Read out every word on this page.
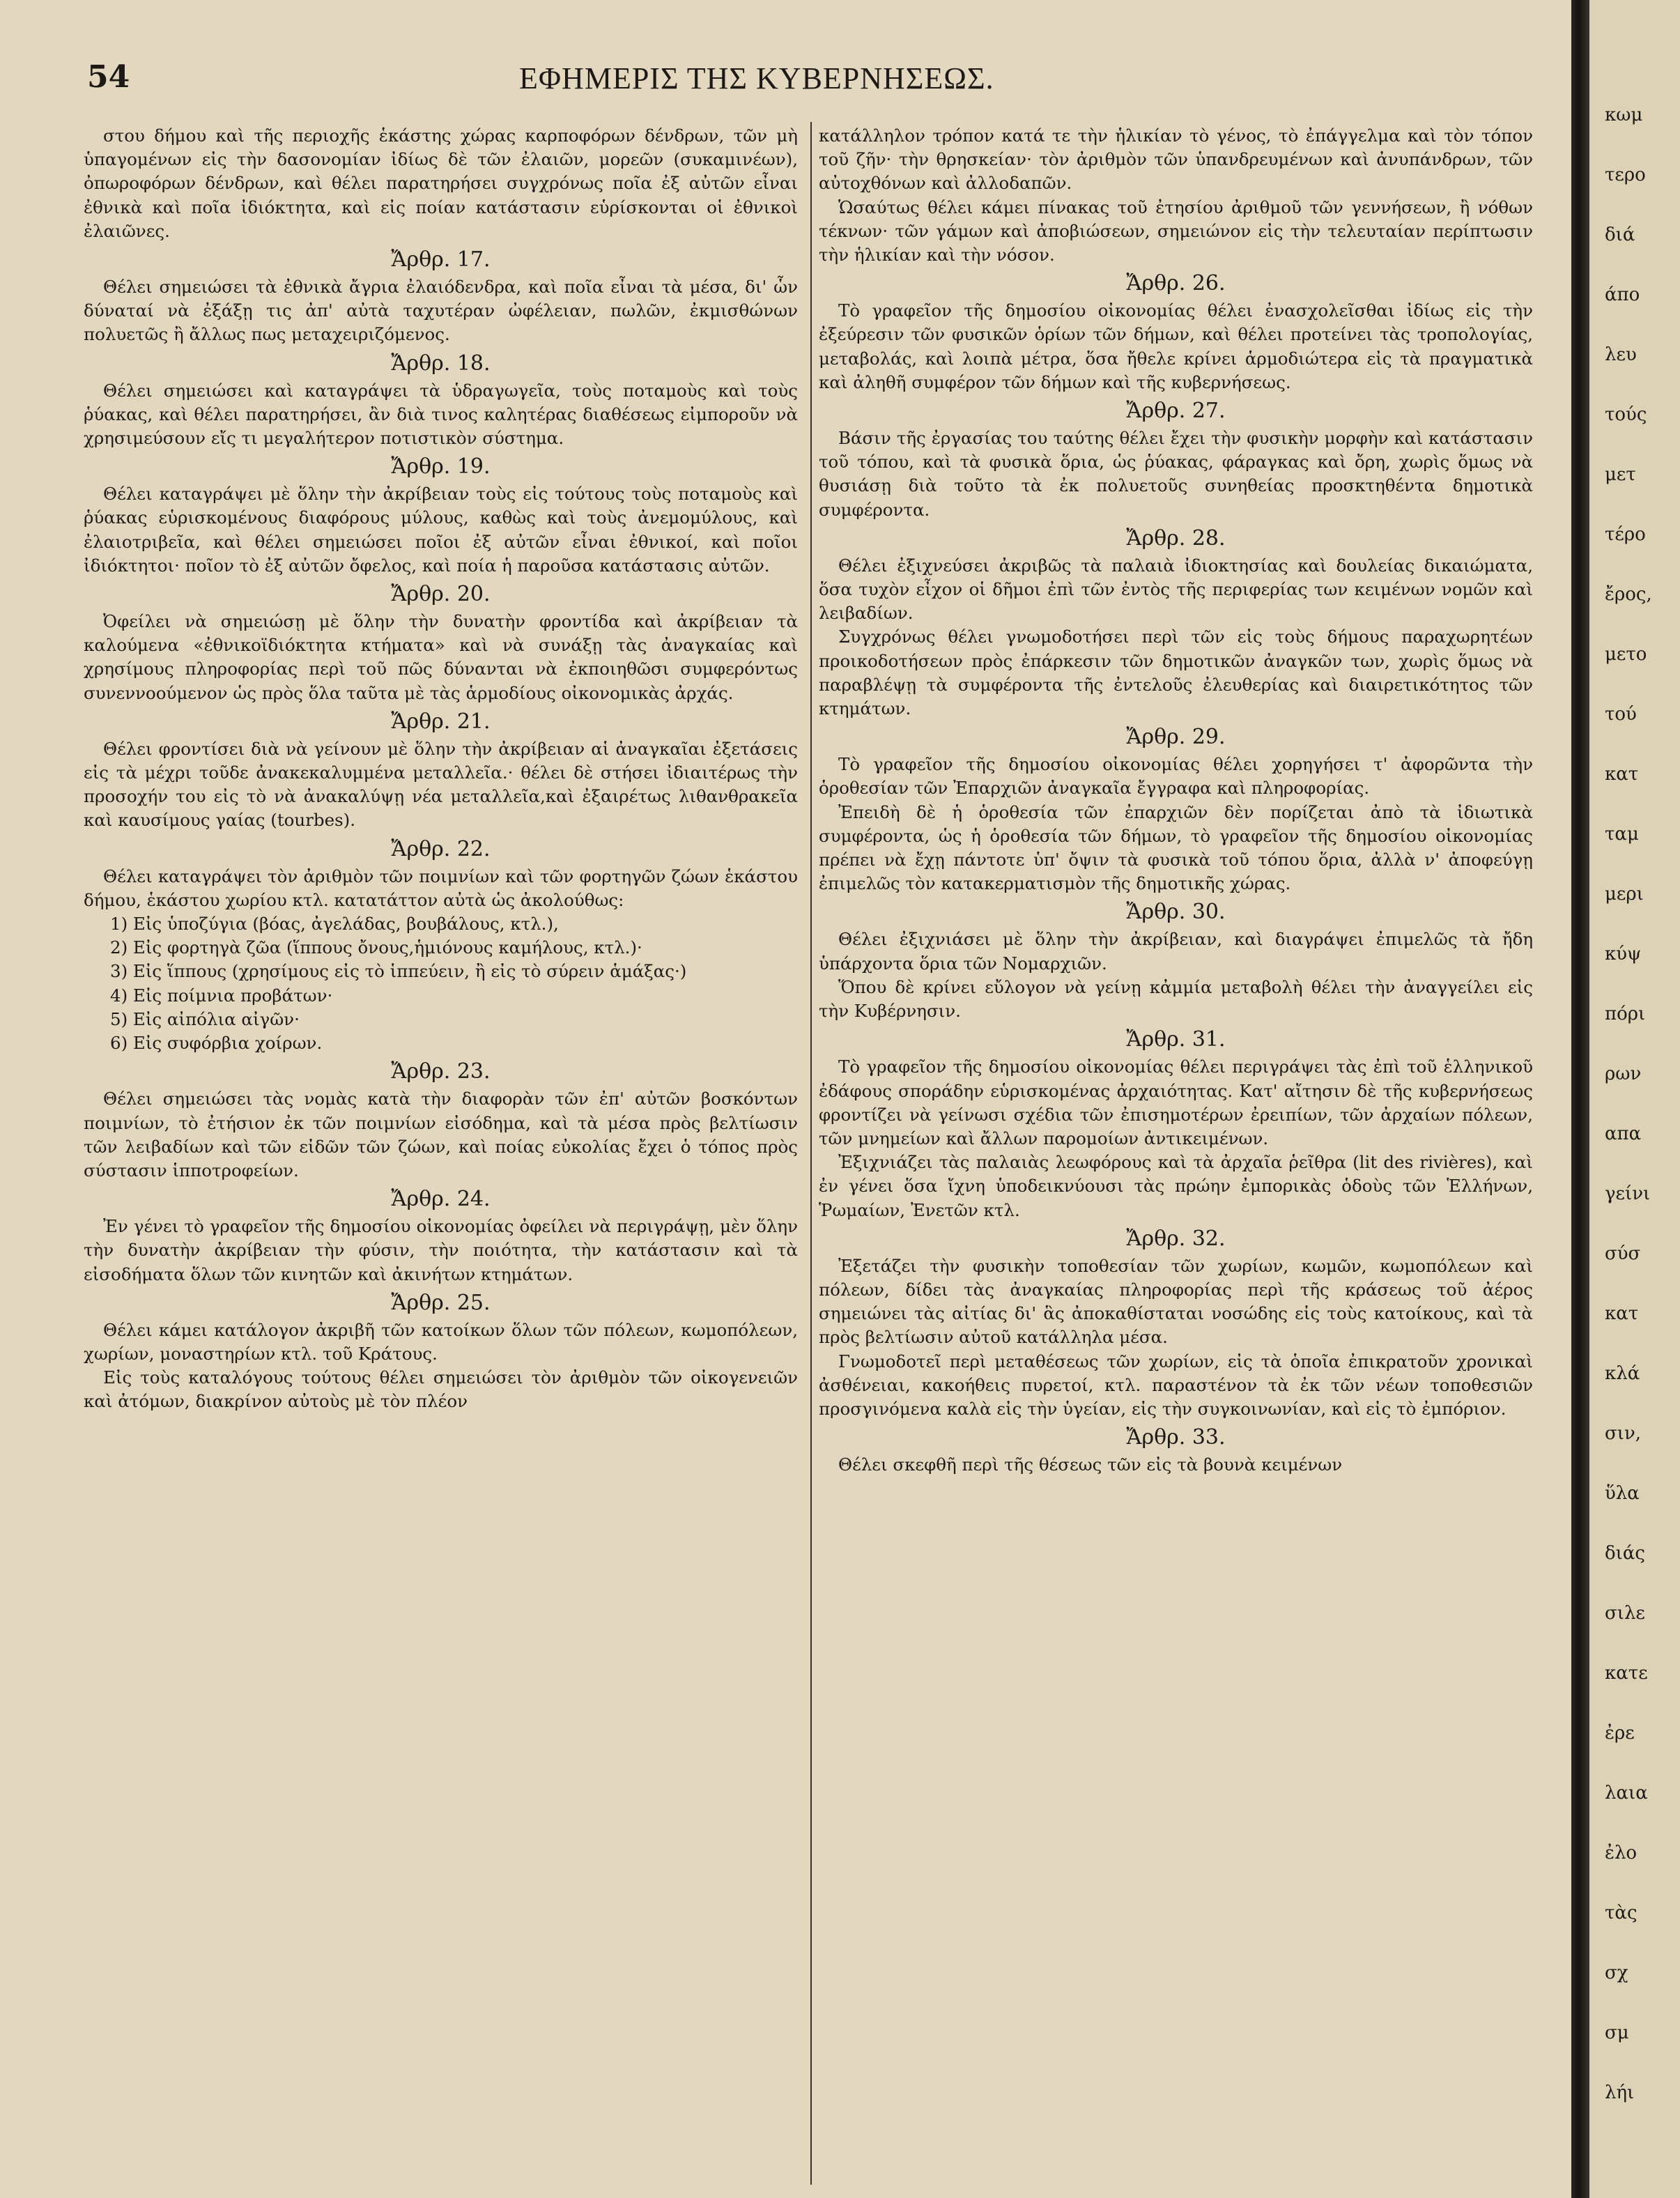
54	ΕΦΗΜΕΡΙΣ ΤΗΣ ΚΥΒΕΡΝΗΣΕΩΣ.

στου δήμου καὶ τῆς περιοχῆς ἑκάστης χώρας καρποφόρων δένδρων, τῶν μὴ ὑπαγομένων εἰς τὴν δασονομίαν ἰδίως δὲ τῶν ἐλαιῶν, μορεῶν (συκαμινέων), ὀπωροφόρων δένδρων, καὶ θέλει παρατηρήσει συγχρόνως ποῖα ἐξ αὐτῶν εἶναι ἐθνικὰ καὶ ποῖα ἰδιόκτητα, καὶ εἰς ποίαν κατάστασιν εὑρίσκονται οἱ ἐθνικοὶ ἐλαιῶνες.

Ἄρθρ. 17.

Θέλει σημειώσει τὰ ἐθνικὰ ἄγρια ἐλαιόδενδρα, καὶ ποῖα εἶναι τὰ μέσα, δι' ὧν δύναταί νὰ ἐξάξῃ τις ἀπ' αὐτὰ ταχυτέραν ὠφέλειαν, πωλῶν, ἐκμισθώνων πολυετῶς ἢ ἄλλως πως μεταχειριζόμενος.

Ἄρθρ. 18.

Θέλει σημειώσει καὶ καταγράψει τὰ ὑδραγωγεῖα, τοὺς ποταμοὺς καὶ τοὺς ῥύακας, καὶ θέλει παρατηρήσει, ἂν διὰ τινος καλητέρας διαθέσεως εἰμποροῦν νὰ χρησιμεύσουν εἴς τι μεγαλήτερον ποτιστικὸν σύστημα.

Ἄρθρ. 19.

Θέλει καταγράψει μὲ ὅλην τὴν ἀκρίβειαν τοὺς εἰς τούτους τοὺς ποταμοὺς καὶ ῥύακας εὑρισκομένους διαφόρους μύλους, καθὼς καὶ τοὺς ἀνεμομύλους, καὶ ἐλαιοτριβεῖα, καὶ θέλει σημειώσει ποῖοι ἐξ αὐτῶν εἶναι ἐθνικοί, καὶ ποῖοι ἰδιόκτητοι· ποῖον τὸ ἐξ αὐτῶν ὄφελος, καὶ ποία ἡ παροῦσα κατάστασις αὐτῶν.

Ἄρθρ. 20.

Ὀφείλει νὰ σημειώσῃ μὲ ὅλην τὴν δυνατὴν φροντίδα καὶ ἀκρίβειαν τὰ καλούμενα «ἐθνικοϊδιόκτητα κτήματα» καὶ νὰ συνάξῃ τὰς ἀναγκαίας καὶ χρησίμους πληροφορίας περὶ τοῦ πῶς δύνανται νὰ ἐκποιηθῶσι συμφερόντως συνεννοούμενον ὡς πρὸς ὅλα ταῦτα μὲ τὰς ἁρμοδίους οἰκονομικὰς ἀρχάς.

Ἄρθρ. 21.

Θέλει φροντίσει διὰ νὰ γείνουν μὲ ὅλην τὴν ἀκρίβειαν αἱ ἀναγκαῖαι ἐξετάσεις εἰς τὰ μέχρι τοῦδε ἀνακεκαλυμμένα μεταλλεῖα.· θέλει δὲ στήσει ἰδιαιτέρως τὴν προσοχήν του εἰς τὸ νὰ ἀνακαλύψῃ νέα μεταλλεῖα,καὶ ἐξαιρέτως λιθανθρακεῖα καὶ καυσίμους γαίας (tourbes).

Ἄρθρ. 22.

Θέλει καταγράψει τὸν ἀριθμὸν τῶν ποιμνίων καὶ τῶν φορτηγῶν ζώων ἑκάστου δήμου, ἑκάστου χωρίου κτλ. κατατάττον αὐτὰ ὡς ἀκολούθως:

1) Εἰς ὑποζύγια (βόας, ἀγελάδας, βουβάλους, κτλ.),

2) Εἰς φορτηγὰ ζῶα (ἵππους ὄνους,ἡμιόνους καμήλους, κτλ.)·

3) Εἰς ἵππους (χρησίμους εἰς τὸ ἱππεύειν, ἢ εἰς τὸ σύρειν ἁμάξας·)

4) Εἰς ποίμνια προβάτων·

5) Εἰς αἰπόλια αἰγῶν·

6) Εἰς συφόρβια χοίρων.

Ἄρθρ. 23.

Θέλει σημειώσει τὰς νομὰς κατὰ τὴν διαφορὰν τῶν ἐπ' αὐτῶν βοσκόντων ποιμνίων, τὸ ἐτήσιον ἐκ τῶν ποιμνίων εἰσόδημα, καὶ τὰ μέσα πρὸς βελτίωσιν τῶν λειβαδίων καὶ τῶν εἰδῶν τῶν ζώων, καὶ ποίας εὐκολίας ἔχει ὁ τόπος πρὸς σύστασιν ἱπποτροφείων.

Ἄρθρ. 24.

Ἐν γένει τὸ γραφεῖον τῆς δημοσίου οἰκονομίας ὀφείλει νὰ περιγράψῃ, μὲν ὅλην τὴν δυνατὴν ἀκρίβειαν τὴν φύσιν, τὴν ποιότητα, τὴν κατάστασιν καὶ τὰ εἰσοδήματα ὅλων τῶν κινητῶν καὶ ἀκινήτων κτημάτων.

Ἄρθρ. 25.

Θέλει κάμει κατάλογον ἀκριβῆ τῶν κατοίκων ὅλων τῶν πόλεων, κωμοπόλεων, χωρίων, μοναστηρίων κτλ. τοῦ Κράτους.

Εἰς τοὺς καταλόγους τούτους θέλει σημειώσει τὸν ἀριθμὸν τῶν οἰκογενειῶν καὶ ἀτόμων, διακρίνον αὐτοὺς μὲ τὸν πλέον

κατάλληλον τρόπον κατά τε τὴν ἡλικίαν τὸ γένος, τὸ ἐπάγγελμα καὶ τὸν τόπον τοῦ ζῆν· τὴν θρησκείαν· τὸν ἀριθμὸν τῶν ὑπανδρευμένων καὶ ἀνυπάνδρων, τῶν αὐτοχθόνων καὶ ἀλλοδαπῶν.

Ὡσαύτως θέλει κάμει πίνακας τοῦ ἐτησίου ἀριθμοῦ τῶν γεννήσεων, ἢ νόθων τέκνων· τῶν γάμων καὶ ἀποβιώσεων, σημειώνον εἰς τὴν τελευταίαν περίπτωσιν τὴν ἡλικίαν καὶ τὴν νόσον.

Ἄρθρ. 26.

Τὸ γραφεῖον τῆς δημοσίου οἰκονομίας θέλει ἐνασχολεῖσθαι ἰδίως εἰς τὴν ἐξεύρεσιν τῶν φυσικῶν ὁρίων τῶν δήμων, καὶ θέλει προτείνει τὰς τροπολογίας, μεταβολάς, καὶ λοιπὰ μέτρα, ὅσα ἤθελε κρίνει ἁρμοδιώτερα εἰς τὰ πραγματικὰ καὶ ἀληθῆ συμφέρον τῶν δήμων καὶ τῆς κυβερνήσεως.

Ἄρθρ. 27.

Βάσιν τῆς ἐργασίας του ταύτης θέλει ἔχει τὴν φυσικὴν μορφὴν καὶ κατάστασιν τοῦ τόπου, καὶ τὰ φυσικὰ ὅρια, ὡς ῥύακας, φάραγκας καὶ ὄρη, χωρὶς ὅμως νὰ θυσιάσῃ διὰ τοῦτο τὰ ἐκ πολυετοῦς συνηθείας προσκτηθέντα δημοτικὰ συμφέροντα.

Ἄρθρ. 28.

Θέλει ἐξιχνεύσει ἀκριβῶς τὰ παλαιὰ ἰδιοκτησίας καὶ δουλείας δικαιώματα, ὅσα τυχὸν εἶχον οἱ δῆμοι ἐπὶ τῶν ἐντὸς τῆς περιφερίας των κειμένων νομῶν καὶ λειβαδίων.

Συγχρόνως θέλει γνωμοδοτήσει περὶ τῶν εἰς τοὺς δήμους παραχωρητέων προικοδοτήσεων πρὸς ἐπάρκεσιν τῶν δημοτικῶν ἀναγκῶν των, χωρὶς ὅμως νὰ παραβλέψῃ τὰ συμφέροντα τῆς ἐντελοῦς ἐλευθερίας καὶ διαιρετικότητος τῶν κτημάτων.

Ἄρθρ. 29.

Τὸ γραφεῖον τῆς δημοσίου οἰκονομίας θέλει χορηγήσει τ' ἀφορῶντα τὴν ὁροθεσίαν τῶν Ἐπαρχιῶν ἀναγκαῖα ἔγγραφα καὶ πληροφορίας.

Ἐπειδὴ δὲ ἡ ὁροθεσία τῶν ἐπαρχιῶν δὲν πορίζεται ἀπὸ τὰ ἰδιωτικὰ συμφέροντα, ὡς ἡ ὁροθεσία τῶν δήμων, τὸ γραφεῖον τῆς δημοσίου οἰκονομίας πρέπει νὰ ἔχῃ πάντοτε ὑπ' ὄψιν τὰ φυσικὰ τοῦ τόπου ὅρια, ἀλλὰ ν' ἀποφεύγῃ ἐπιμελῶς τὸν κατακερματισμὸν τῆς δημοτικῆς χώρας.

Ἄρθρ. 30.

Θέλει ἐξιχνιάσει μὲ ὅλην τὴν ἀκρίβειαν, καὶ διαγράψει ἐπιμελῶς τὰ ἤδη ὑπάρχοντα ὅρια τῶν Νομαρχιῶν.

Ὅπου δὲ κρίνει εὔλογον νὰ γείνῃ κἀμμία μεταβολὴ θέλει τὴν ἀναγγείλει εἰς τὴν Κυβέρνησιν.

Ἄρθρ. 31.

Τὸ γραφεῖον τῆς δημοσίου οἰκονομίας θέλει περιγράψει τὰς ἐπὶ τοῦ ἑλληνικοῦ ἐδάφους σποράδην εὑρισκομένας ἀρχαιότητας. Κατ' αἴτησιν δὲ τῆς κυβερνήσεως φροντίζει νὰ γείνωσι σχέδια τῶν ἐπισημοτέρων ἐρειπίων, τῶν ἀρχαίων πόλεων, τῶν μνημείων καὶ ἄλλων παρομοίων ἀντικειμένων.

Ἐξιχνιάζει τὰς παλαιὰς λεωφόρους καὶ τὰ ἀρχαῖα ῥεῖθρα (lit des rivières), καὶ ἐν γένει ὅσα ἴχνη ὑποδεικνύουσι τὰς πρώην ἐμπορικὰς ὁδοὺς τῶν Ἑλλήνων, Ῥωμαίων, Ἐνετῶν κτλ.

Ἄρθρ. 32.

Ἐξετάζει τὴν φυσικὴν τοποθεσίαν τῶν χωρίων, κωμῶν, κωμοπόλεων καὶ πόλεων, δίδει τὰς ἀναγκαίας πληροφορίας περὶ τῆς κράσεως τοῦ ἀέρος σημειώνει τὰς αἰτίας δι' ἃς ἀποκαθίσταται νοσώδης εἰς τοὺς κατοίκους, καὶ τὰ πρὸς βελτίωσιν αὐτοῦ κατάλληλα μέσα.

Γνωμοδοτεῖ περὶ μεταθέσεως τῶν χωρίων, εἰς τὰ ὁποῖα ἐπικρατοῦν χρονικαὶ ἀσθένειαι, κακοήθεις πυρετοί, κτλ. παραστένον τὰ ἐκ τῶν νέων τοποθεσιῶν προσγινόμενα καλὰ εἰς τὴν ὑγείαν, εἰς τὴν συγκοινωνίαν, καὶ εἰς τὸ ἐμπόριον.

Ἄρθρ. 33.

Θέλει σκεφθῆ περὶ τῆς θέσεως τῶν εἰς τὰ βουνὰ κειμένων

κωμ
τερο
διά
άπο
λευ
τούς
μετ
τέρο
ἔρος,
μετο
τού
κατ
ταμ
μερι
κύψ
πόρι
ρων
απα
γείνι
σύσ
κατ
κλά
σιν,
ὕλα
διάς
σιλε
κατε
ἐρε
λαια
ἐλο
τὰς
σχ
σμ
λήι
